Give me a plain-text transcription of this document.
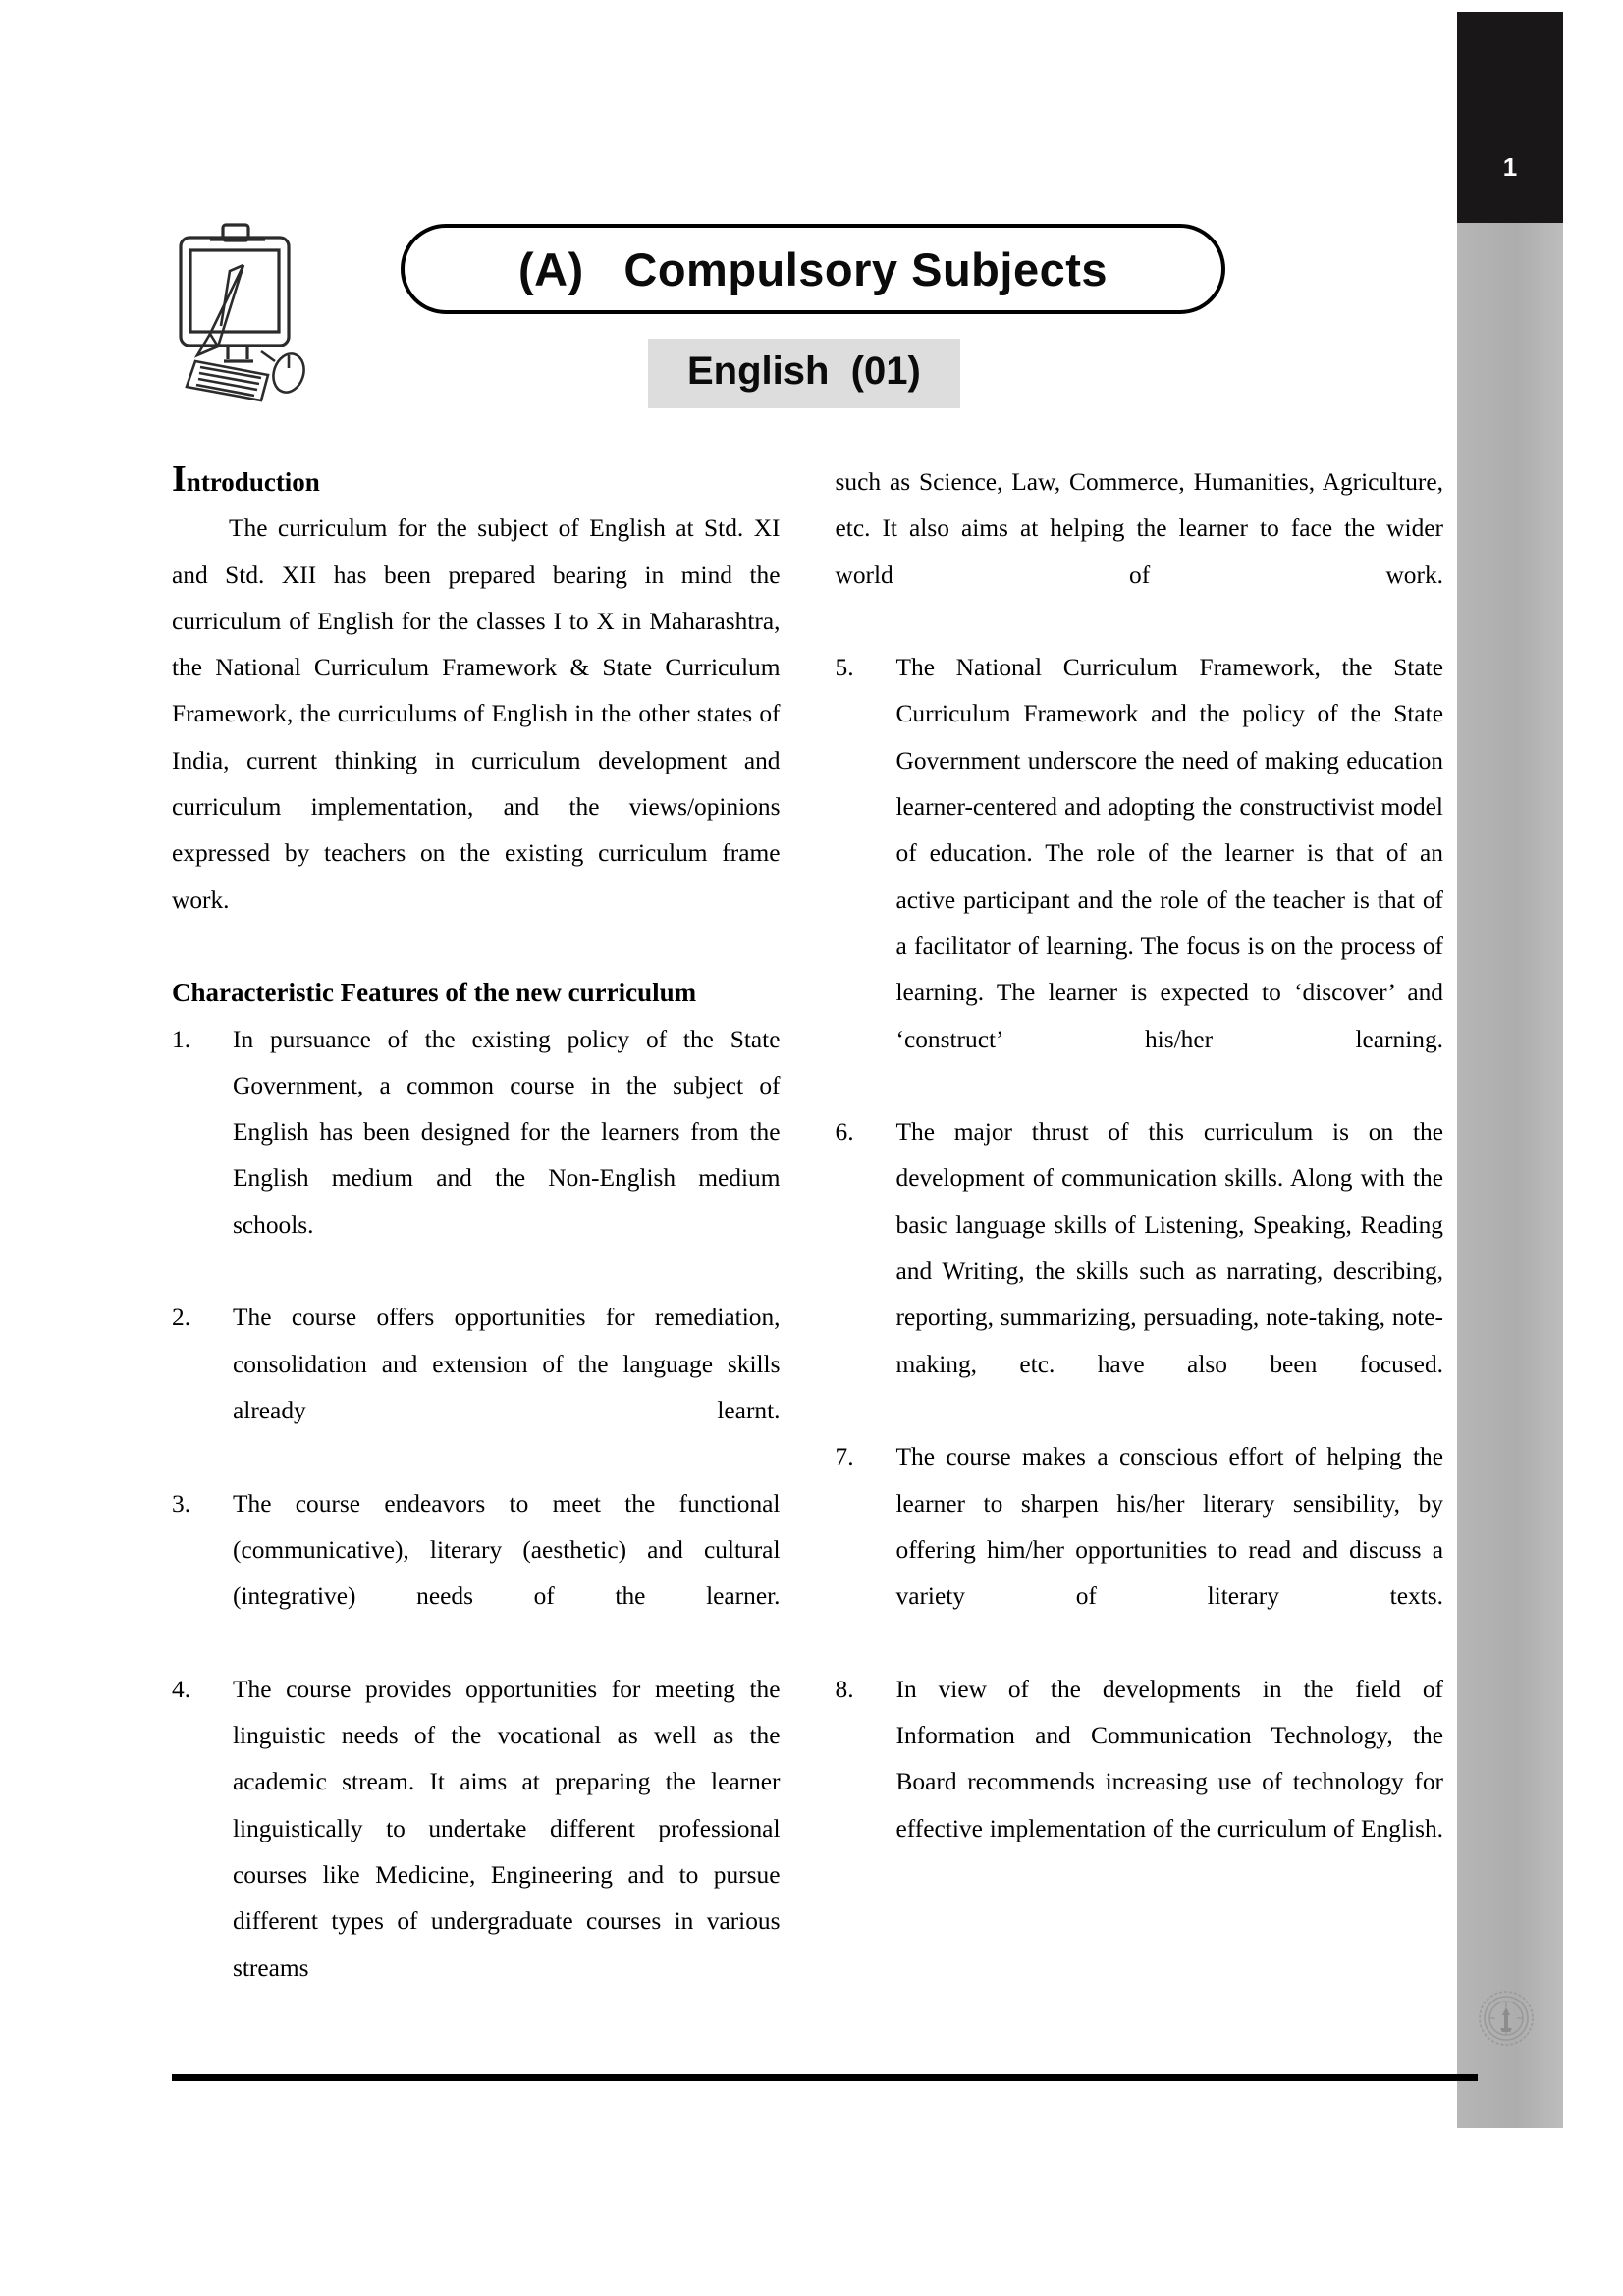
1
(A)   Compulsory Subjects
English  (01)
Introduction

The curriculum for the subject of English at Std. XI and Std. XII has been prepared bearing in mind the curriculum of English for the classes I to X in Maharashtra, the National Curriculum Framework & State Curriculum Framework, the curriculums of English in the other states of India, current thinking in curriculum development and curriculum implementation, and the views/opinions expressed by teachers on the existing curriculum frame work.

Characteristic Features of the new curriculum
1.	In pursuance of the existing policy of the State Government, a common course in the subject of English has been designed for the learners from the English medium and the Non-English medium schools.
2.	The course offers opportunities for remediation, consolidation and extension of the language skills already learnt.
3.	The course endeavors to meet the functional (communicative), literary (aesthetic) and cultural (integrative) needs of the learner.
4.	The course provides opportunities for meeting the linguistic needs of the vocational as well as the academic stream. It aims at preparing the learner linguistically to undertake different professional courses like Medicine, Engineering and to pursue different types of undergraduate courses in various streams

such as Science, Law, Commerce, Humanities, Agriculture, etc. It also aims at helping the learner to face the wider world of work.

5.	The National Curriculum Framework, the State Curriculum Framework and the policy of the State Government underscore the need of making education learner-centered and adopting the constructivist model of education. The role of the learner is that of an active participant and the role of the teacher is that of a facilitator of learning. The focus is on the process of learning. The learner is expected to ‘discover’ and ‘construct’ his/her learning.
6.	The major thrust of this curriculum is on the development of communication skills. Along with the basic language skills of Listening, Speaking, Reading and Writing, the skills such as narrating, describing, reporting, summarizing, persuading, note-taking, note-making, etc. have also been focused.
7.	The course makes a conscious effort of helping the learner to sharpen his/her literary sensibility, by offering him/her opportunities to read and discuss a variety of literary texts.
8.	In view of the developments in the field of Information and Communication Technology, the Board recommends increasing use of technology for effective implementation of the curriculum of English.
